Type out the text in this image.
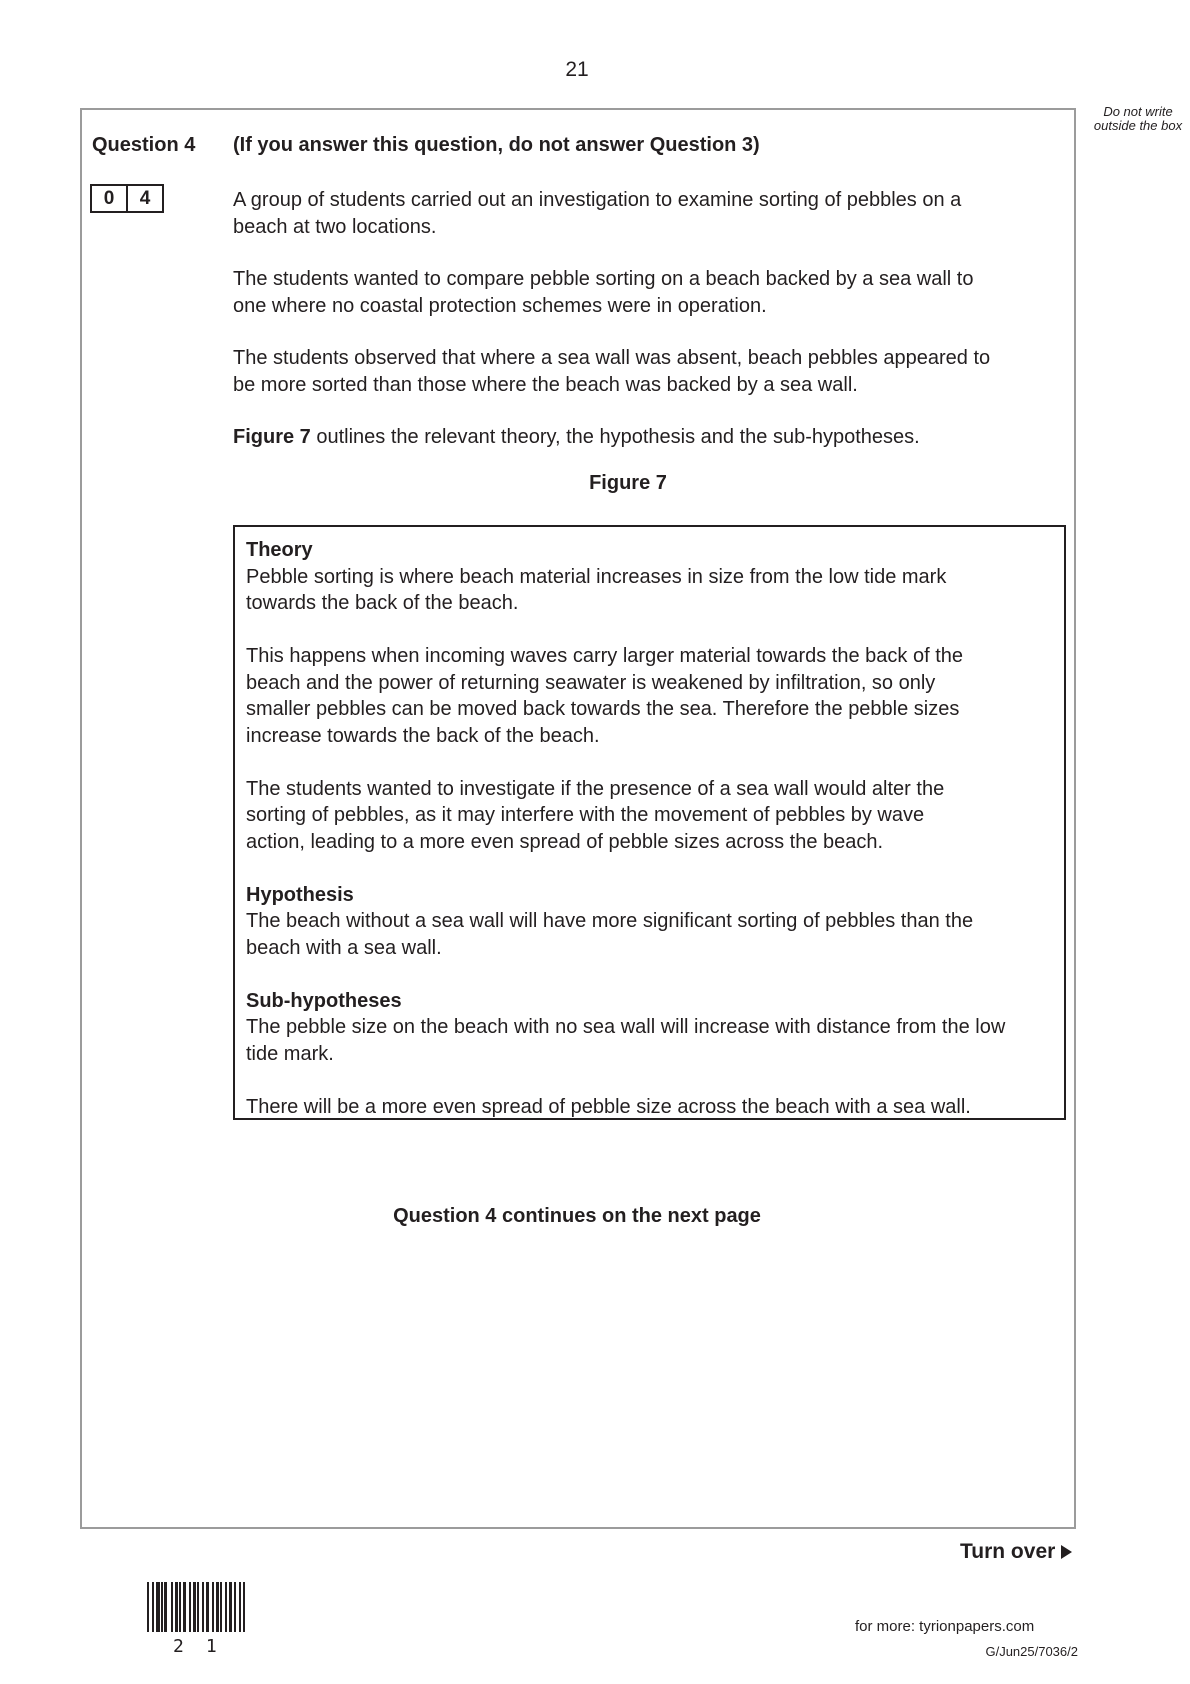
21
Do not write outside the box
Question 4 (If you answer this question, do not answer Question 3)
0	4	A group of students carried out an investigation to examine sorting of pebbles on a beach at two locations.

The students wanted to compare pebble sorting on a beach backed by a sea wall to one where no coastal protection schemes were in operation.

The students observed that where a sea wall was absent, beach pebbles appeared to be more sorted than those where the beach was backed by a sea wall.

Figure 7 outlines the relevant theory, the hypothesis and the sub-hypotheses.

Figure 7
Theory

Pebble sorting is where beach material increases in size from the low tide mark towards the back of the beach.

This happens when incoming waves carry larger material towards the back of the beach and the power of returning seawater is weakened by infiltration, so only smaller pebbles can be moved back towards the sea. Therefore the pebble sizes increase towards the back of the beach.

The students wanted to investigate if the presence of a sea wall would alter the sorting of pebbles, as it may interfere with the movement of pebbles by wave action, leading to a more even spread of pebble sizes across the beach.

Hypothesis

The beach without a sea wall will have more significant sorting of pebbles than the beach with a sea wall.

Sub-hypotheses

The pebble size on the beach with no sea wall will increase with distance from the low tide mark.

There will be a more even spread of pebble size across the beach with a sea wall.

Question 4 continues on the next page
Turn over
21
for more: tyrionpapers.com
G/Jun25/7036/2
